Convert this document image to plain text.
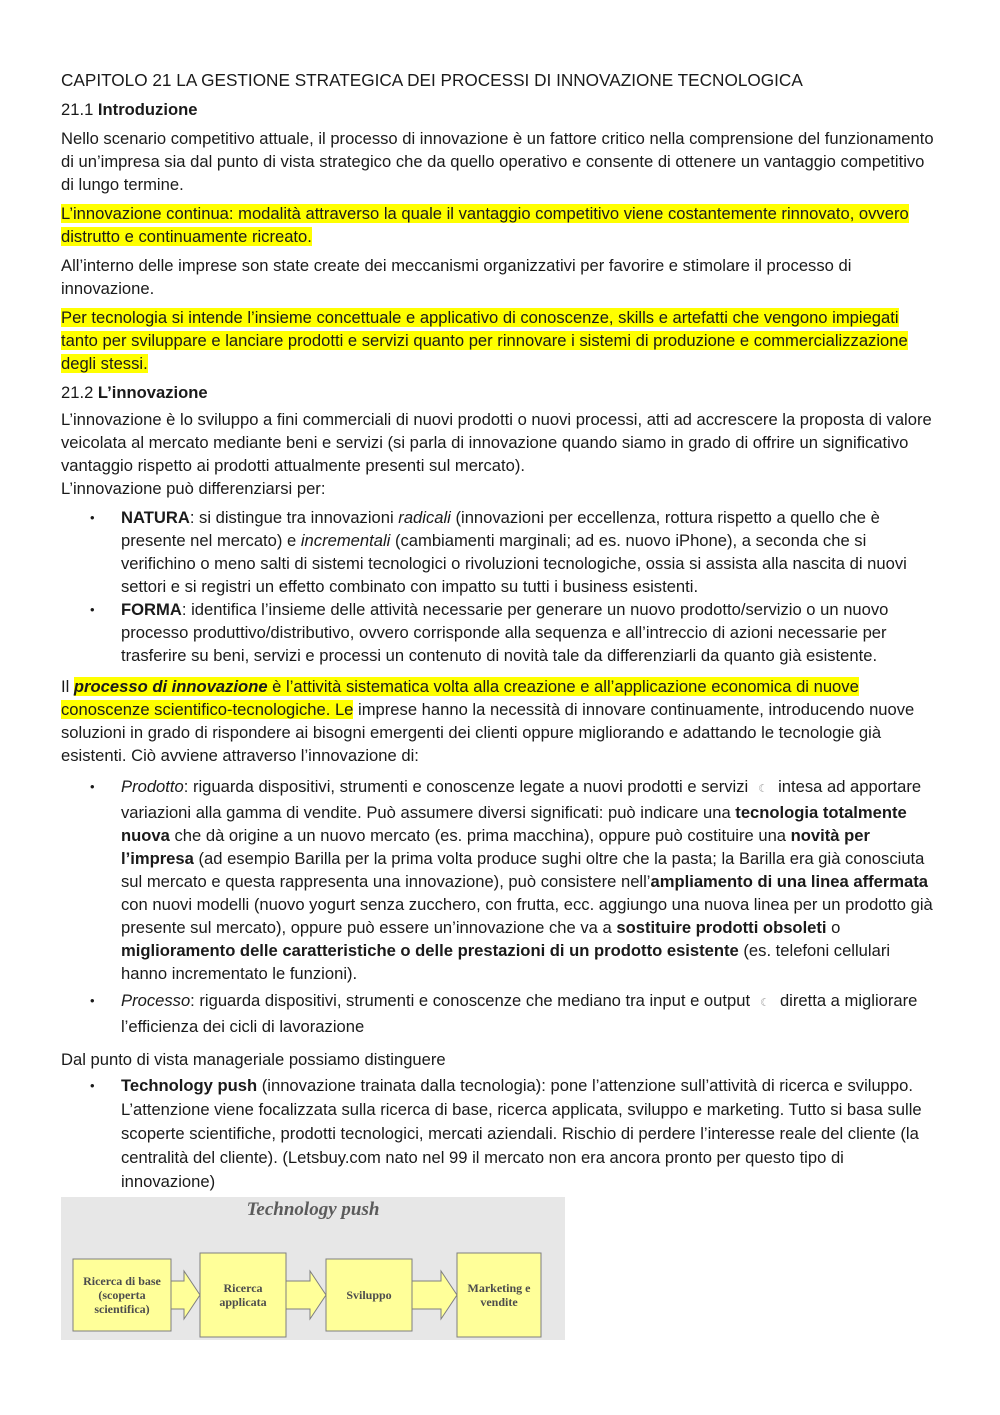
CAPITOLO 21 LA GESTIONE STRATEGICA DEI PROCESSI DI INNOVAZIONE TECNOLOGICA

21.1 Introduzione

Nello scenario competitivo attuale, il processo di innovazione è un fattore critico nella comprensione del funzionamento di un’impresa sia dal punto di vista strategico che da quello operativo e consente di ottenere un vantaggio competitivo di lungo termine.

L’innovazione continua: modalità attraverso la quale il vantaggio competitivo viene costantemente rinnovato, ovvero distrutto e continuamente ricreato.

All’interno delle imprese son state create dei meccanismi organizzativi per favorire e stimolare il processo di innovazione.

Per tecnologia si intende l’insieme concettuale e applicativo di conoscenze, skills e artefatti che vengono impiegati tanto per sviluppare e lanciare prodotti e servizi quanto per rinnovare i sistemi di produzione e commercializzazione degli stessi.

21.2 L’innovazione

L’innovazione è lo sviluppo a fini commerciali di nuovi prodotti o nuovi processi, atti ad accrescere la proposta di valore veicolata al mercato mediante beni e servizi (si parla di innovazione quando siamo in grado di offrire un significativo vantaggio rispetto ai prodotti attualmente presenti sul mercato).

L’innovazione può differenziarsi per:

• NATURA: si distingue tra innovazioni radicali (innovazioni per eccellenza, rottura rispetto a quello che è presente nel mercato) e incrementali (cambiamenti marginali; ad es. nuovo iPhone), a seconda che si verifichino o meno salti di sistemi tecnologici o rivoluzioni tecnologiche, ossia si assista alla nascita di nuovi settori e si registri un effetto combinato con impatto su tutti i business esistenti.
• FORMA: identifica l’insieme delle attività necessarie per generare un nuovo prodotto/servizio o un nuovo processo produttivo/distributivo, ovvero corrisponde alla sequenza e all’intreccio di azioni necessarie per trasferire su beni, servizi e processi un contenuto di novità tale da differenziarli da quanto già esistente.

Il processo di innovazione è l’attività sistematica volta alla creazione e all’applicazione economica di nuove conoscenze scientifico-tecnologiche. Le imprese hanno la necessità di innovare continuamente, introducendo nuove soluzioni in grado di rispondere ai bisogni emergenti dei clienti oppure migliorando e adattando le tecnologie già esistenti. Ciò avviene attraverso l’innovazione di:

• Prodotto: riguarda dispositivi, strumenti e conoscenze legate a nuovi prodotti e servizi ☾ intesa ad apportare variazioni alla gamma di vendite. Può assumere diversi significati: può indicare una tecnologia totalmente nuova che dà origine a un nuovo mercato (es. prima macchina), oppure può costituire una novità per l’impresa (ad esempio Barilla per la prima volta produce sughi oltre che la pasta; la Barilla era già conosciuta sul mercato e questa rappresenta una innovazione), può consistere nell’ampliamento di una linea affermata con nuovi modelli (nuovo yogurt senza zucchero, con frutta, ecc. aggiungo una nuova linea per un prodotto già presente sul mercato), oppure può essere un’innovazione che va a sostituire prodotti obsoleti o miglioramento delle caratteristiche o delle prestazioni di un prodotto esistente (es. telefoni cellulari hanno incrementato le funzioni).
• Processo: riguarda dispositivi, strumenti e conoscenze che mediano tra input e output ☾ diretta a migliorare l’efficienza dei cicli di lavorazione

Dal punto di vista manageriale possiamo distinguere

• Technology push (innovazione trainata dalla tecnologia): pone l’attenzione sull’attività di ricerca e sviluppo. L’attenzione viene focalizzata sulla ricerca di base, ricerca applicata, sviluppo e marketing. Tutto si basa sulle scoperte scientifiche, prodotti tecnologici, mercati aziendali. Rischio di perdere l’interesse reale del cliente (la centralità del cliente). (Letsbuy.com nato nel 99 il mercato non era ancora pronto per questo tipo di innovazione)
Technology push
Ricerca di base (scoperta scientifica)
Ricerca applicata	Sviluppo	Marketing e vendite
